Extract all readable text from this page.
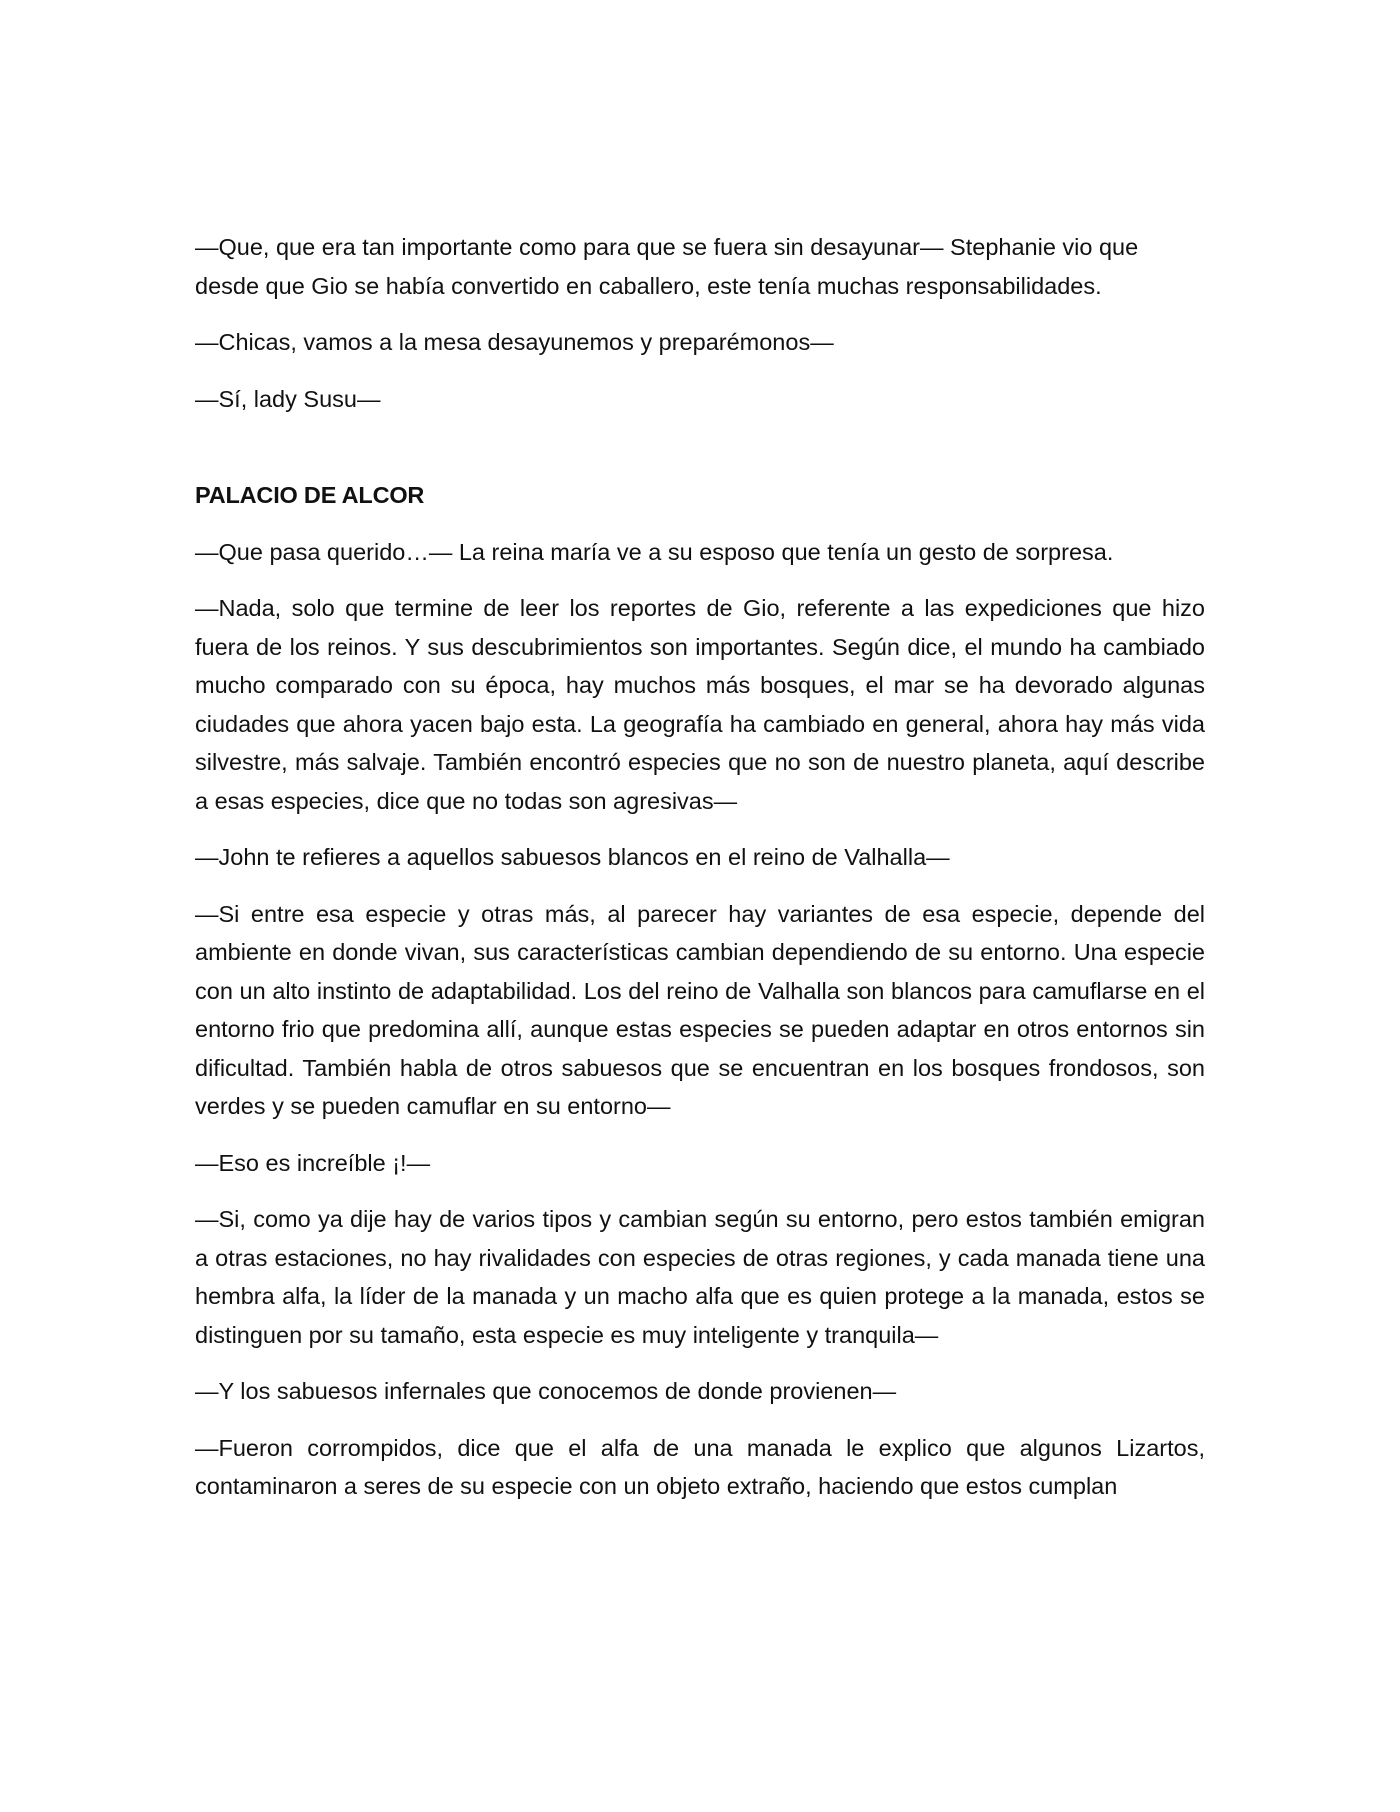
—Que, que era tan importante como para que se fuera sin desayunar— Stephanie vio que desde que Gio se había convertido en caballero, este tenía muchas responsabilidades.

—Chicas, vamos a la mesa desayunemos y preparémonos—

—Sí, lady Susu—

PALACIO DE ALCOR

—Que pasa querido…— La reina maría ve a su esposo que tenía un gesto de sorpresa.

—Nada, solo que termine de leer los reportes de Gio, referente a las expediciones que hizo fuera de los reinos. Y sus descubrimientos son importantes. Según dice, el mundo ha cambiado mucho comparado con su época, hay muchos más bosques, el mar se ha devorado algunas ciudades que ahora yacen bajo esta. La geografía ha cambiado en general, ahora hay más vida silvestre, más salvaje. También encontró especies que no son de nuestro planeta, aquí describe a esas especies, dice que no todas son agresivas—

—John te refieres a aquellos sabuesos blancos en el reino de Valhalla—

—Si entre esa especie y otras más, al parecer hay variantes de esa especie, depende del ambiente en donde vivan, sus características cambian dependiendo de su entorno. Una especie con un alto instinto de adaptabilidad. Los del reino de Valhalla son blancos para camuflarse en el entorno frio que predomina allí, aunque estas especies se pueden adaptar en otros entornos sin dificultad. También habla de otros sabuesos que se encuentran en los bosques frondosos, son verdes y se pueden camuflar en su entorno—

—Eso es increíble ¡!—

—Si, como ya dije hay de varios tipos y cambian según su entorno, pero estos también emigran a otras estaciones, no hay rivalidades con especies de otras regiones, y cada manada tiene una hembra alfa, la líder de la manada y un macho alfa que es quien protege a la manada, estos se distinguen por su tamaño, esta especie es muy inteligente y tranquila—

—Y los sabuesos infernales que conocemos de donde provienen—

—Fueron corrompidos, dice que el alfa de una manada le explico que algunos Lizartos, contaminaron a seres de su especie con un objeto extraño, haciendo que estos cumplan
